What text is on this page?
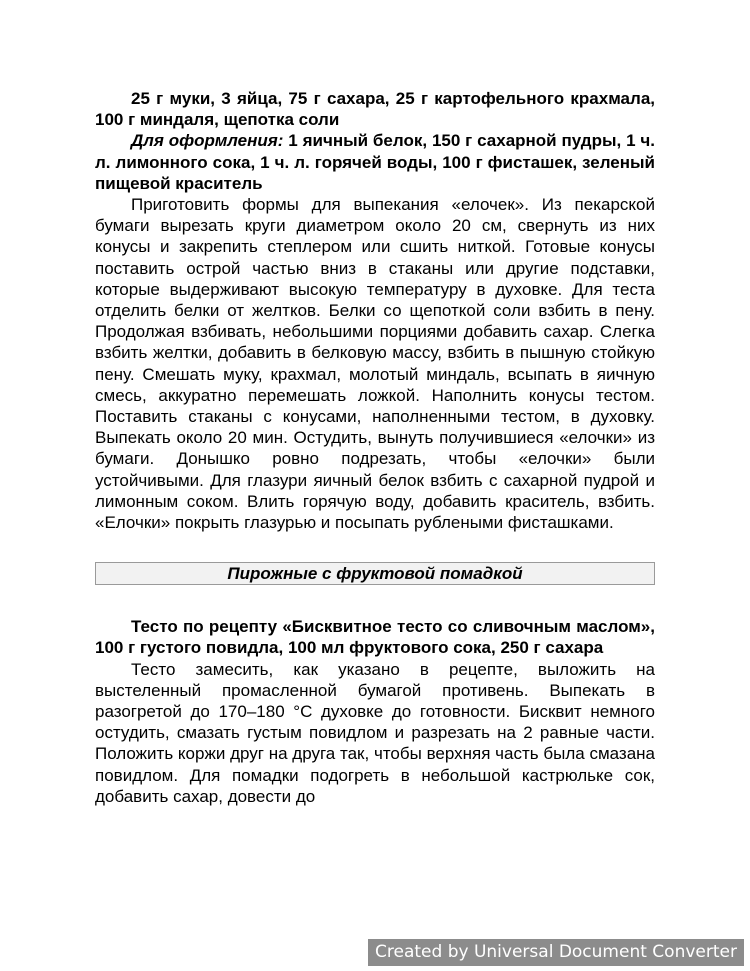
25 г муки, 3 яйца, 75 г сахара, 25 г картофельного крахмала, 100 г миндаля, щепотка соли

Для оформления: 1 яичный белок, 150 г сахарной пудры, 1 ч. л. лимонного сока, 1 ч. л. горячей воды, 100 г фисташек, зеленый пищевой краситель

Приготовить формы для выпекания «елочек». Из пекарской бумаги вырезать круги диаметром около 20 см, свернуть из них конусы и закрепить степлером или сшить ниткой. Готовые конусы поставить острой частью вниз в стаканы или другие подставки, которые выдерживают высокую температуру в духовке. Для теста отделить белки от желтков. Белки со щепоткой соли взбить в пену. Продолжая взбивать, небольшими порциями добавить сахар. Слегка взбить желтки, добавить в белковую массу, взбить в пышную стойкую пену. Смешать муку, крахмал, молотый миндаль, всыпать в яичную смесь, аккуратно перемешать ложкой. Наполнить конусы тестом. Поставить стаканы с конусами, наполненными тестом, в духовку. Выпекать около 20 мин. Остудить, вынуть получившиеся «елочки» из бумаги. Донышко ровно подрезать, чтобы «елочки» были устойчивыми. Для глазури яичный белок взбить с сахарной пудрой и лимонным соком. Влить горячую воду, добавить краситель, взбить. «Елочки» покрыть глазурью и посыпать рублеными фисташками.

Пирожные с фруктовой помадкой

Тесто по рецепту «Бисквитное тесто со сливочным маслом», 100 г густого повидла, 100 мл фруктового сока, 250 г сахара

Тесто замесить, как указано в рецепте, выложить на выстеленный промасленной бумагой противень. Выпекать в разогретой до 170–180 °С духовке до готовности. Бисквит немного остудить, смазать густым повидлом и разрезать на 2 равные части. Положить коржи друг на друга так, чтобы верхняя часть была смазана повидлом. Для помадки подогреть в небольшой кастрюльке сок, добавить сахар, довести до

Created by Universal Document Converter
